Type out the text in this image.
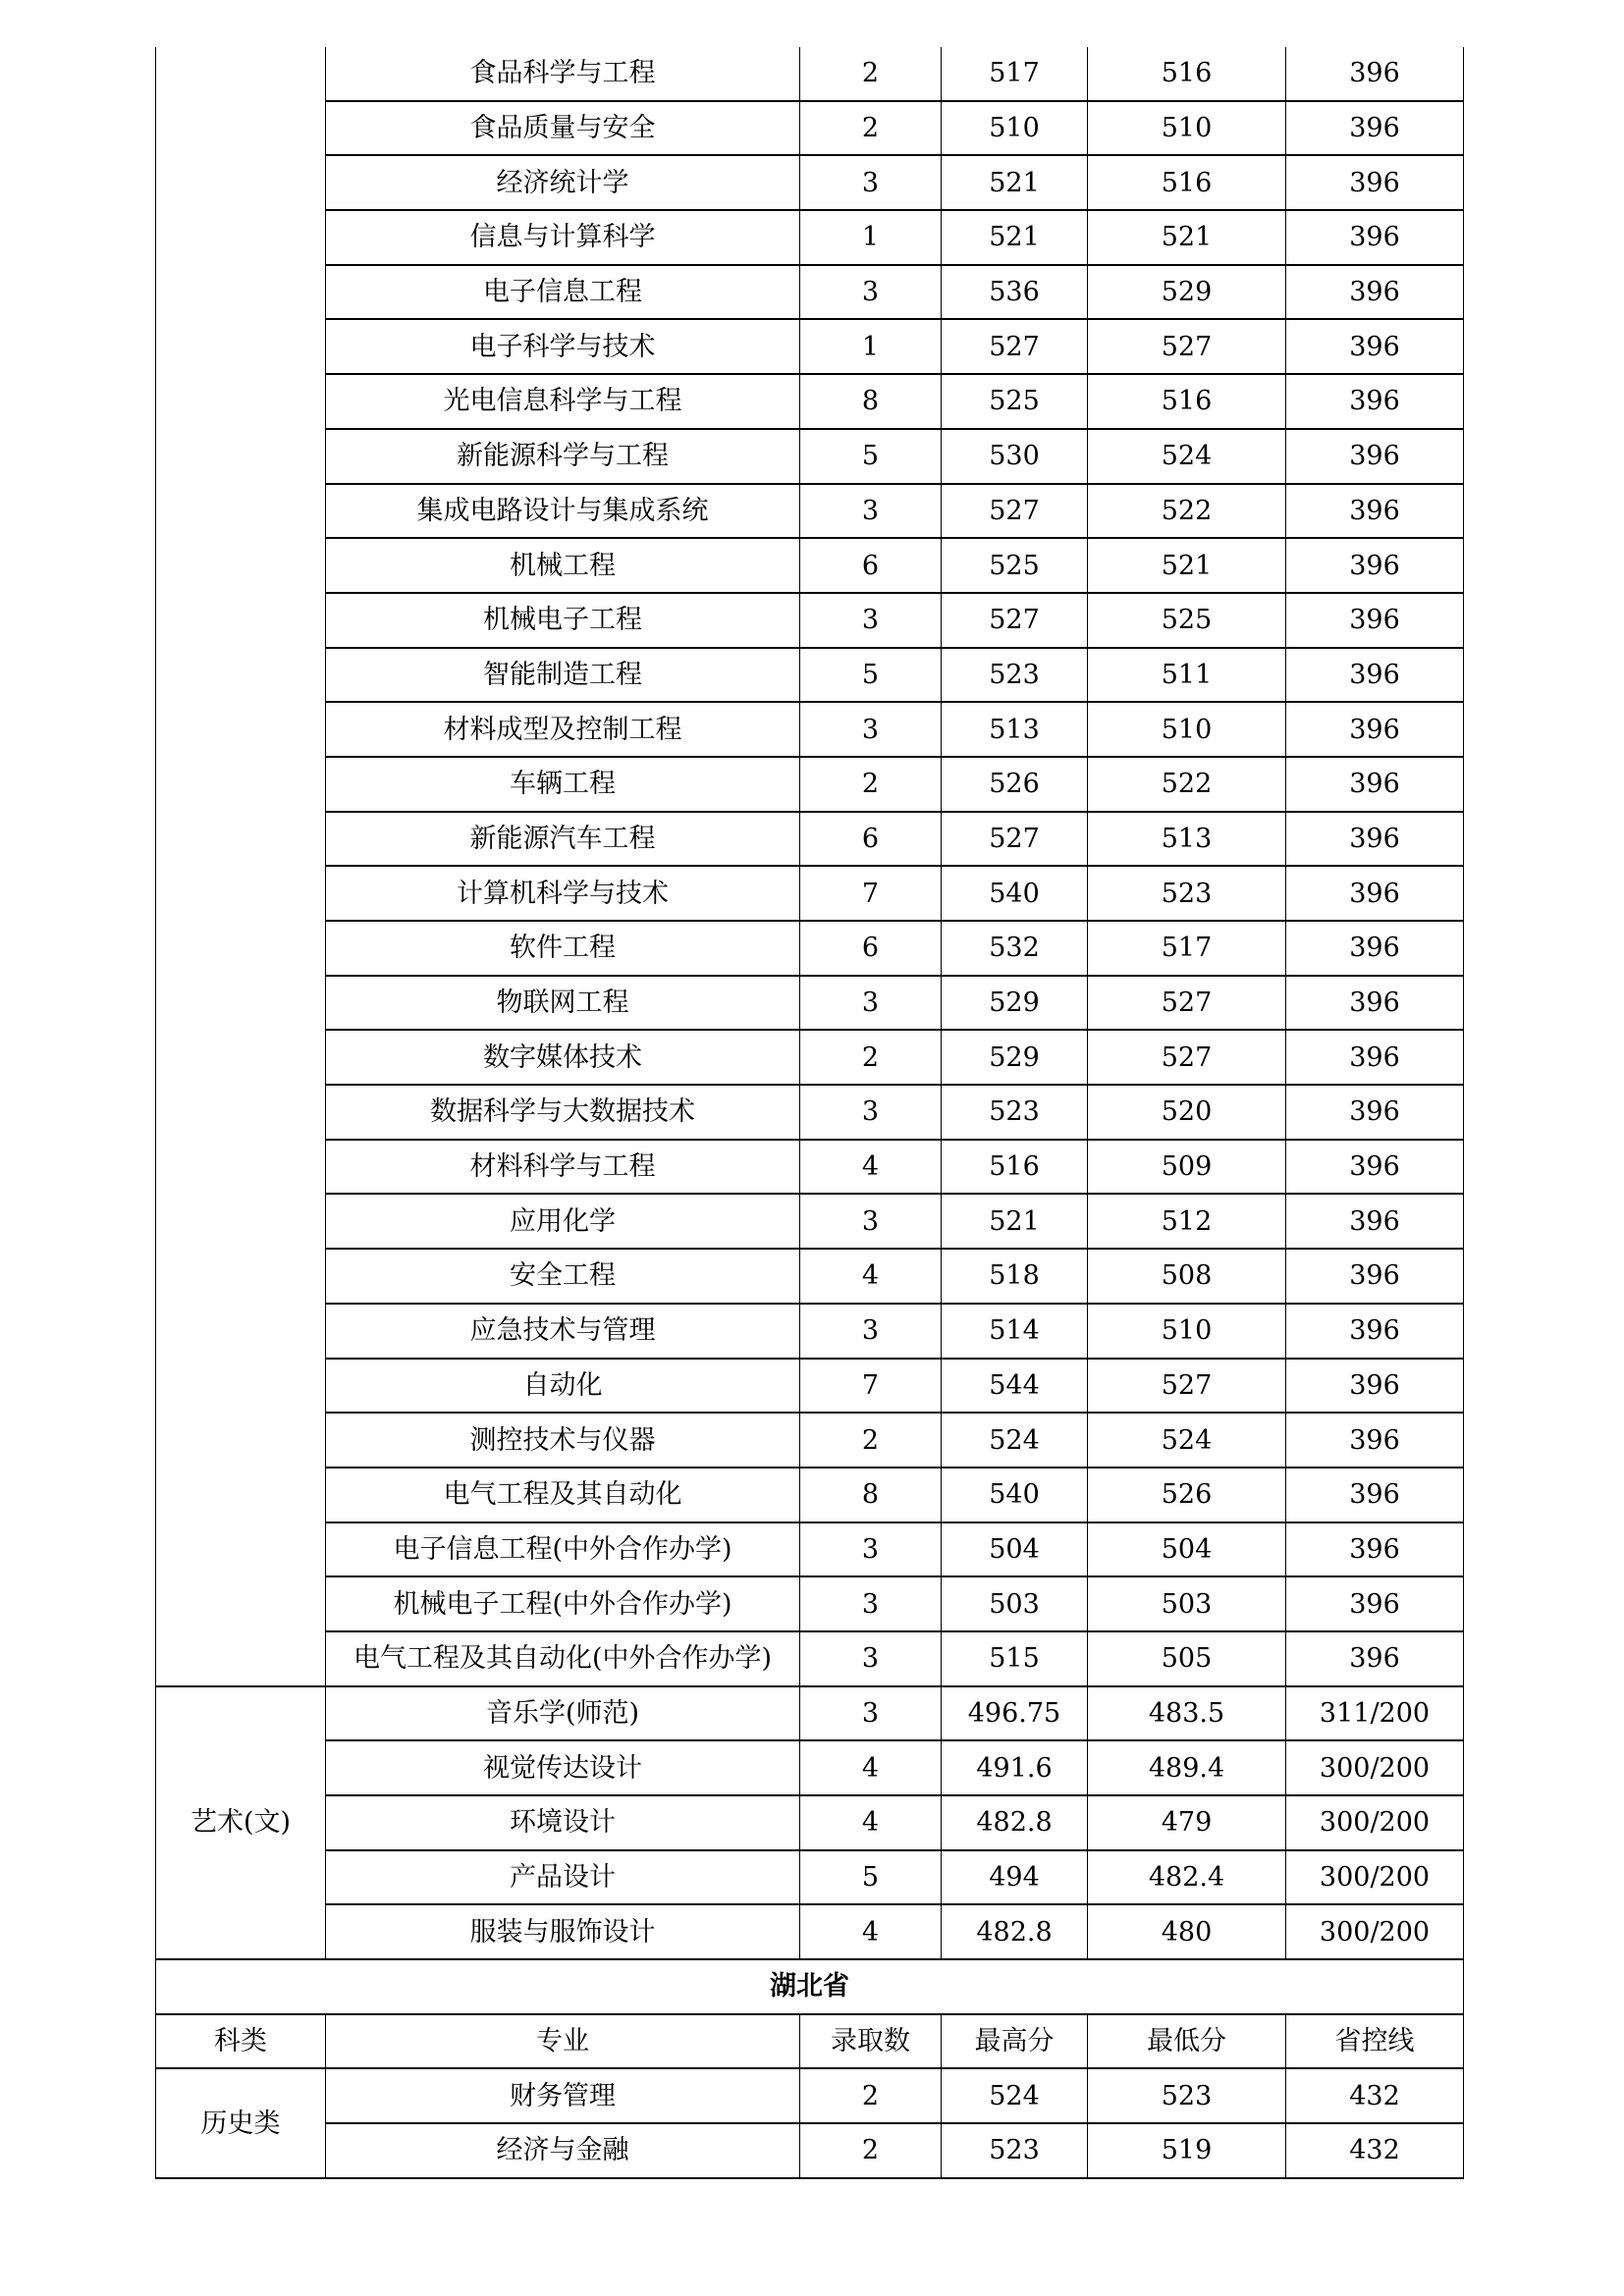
	食品科学与工程	2	517	516	396
	食品质量与安全	2	510	510	396
	经济统计学	3	521	516	396
	信息与计算科学	1	521	521	396
	电子信息工程	3	536	529	396
	电子科学与技术	1	527	527	396
	光电信息科学与工程	8	525	516	396
	新能源科学与工程	5	530	524	396
	集成电路设计与集成系统	3	527	522	396
	机械工程	6	525	521	396
	机械电子工程	3	527	525	396
	智能制造工程	5	523	511	396
	材料成型及控制工程	3	513	510	396
	车辆工程	2	526	522	396
	新能源汽车工程	6	527	513	396
	计算机科学与技术	7	540	523	396
	软件工程	6	532	517	396
	物联网工程	3	529	527	396
	数字媒体技术	2	529	527	396
	数据科学与大数据技术	3	523	520	396
	材料科学与工程	4	516	509	396
	应用化学	3	521	512	396
	安全工程	4	518	508	396
	应急技术与管理	3	514	510	396
	自动化	7	544	527	396
	测控技术与仪器	2	524	524	396
	电气工程及其自动化	8	540	526	396
	电子信息工程(中外合作办学)	3	504	504	396
	机械电子工程(中外合作办学)	3	503	503	396
	电气工程及其自动化(中外合作办学)	3	515	505	396
艺术(文)	音乐学(师范)	3	496.75	483.5	311/200
	视觉传达设计	4	491.6	489.4	300/200
	环境设计	4	482.8	479	300/200
	产品设计	5	494	482.4	300/200
	服装与服饰设计	4	482.8	480	300/200
湖北省					
科类	专业	录取数	最高分	最低分	省控线
历史类	财务管理	2	524	523	432
	经济与金融	2	523	519	432
